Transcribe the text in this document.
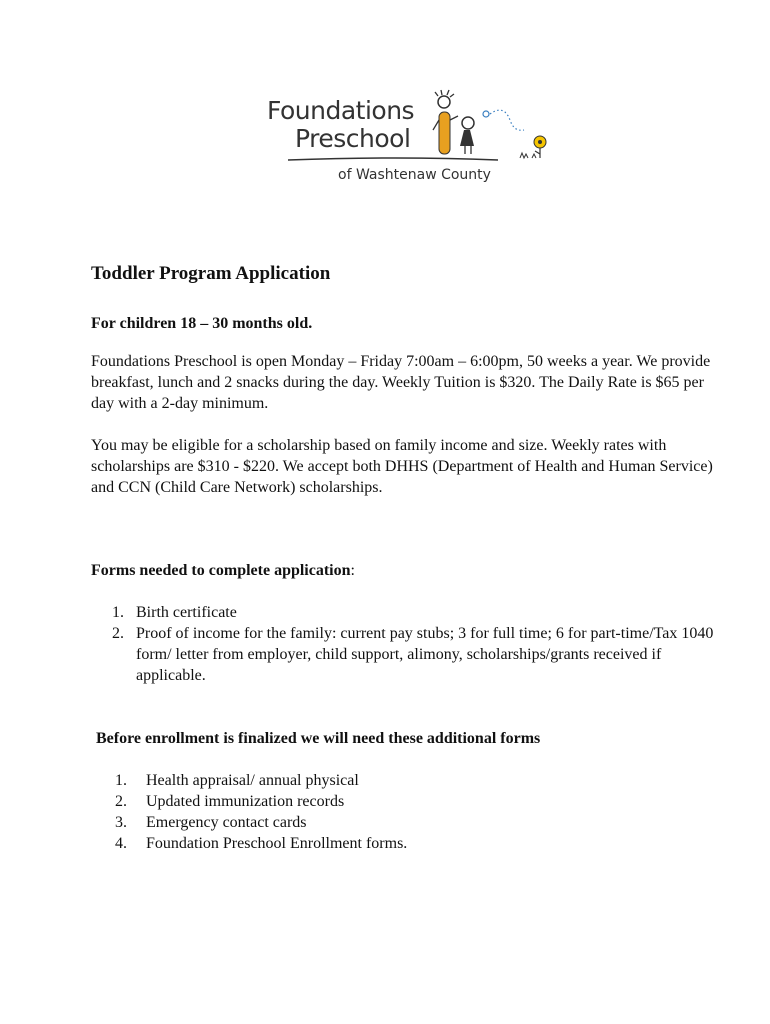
Foundations
Preschool
of Washtenaw County
Toddler Program Application
For children 18 – 30 months old.

Foundations Preschool is open Monday – Friday 7:00am – 6:00pm, 50 weeks a year. We provide breakfast, lunch and 2 snacks during the day. Weekly Tuition is $320. The Daily Rate is $65 per day with a 2-day minimum.

You may be eligible for a scholarship based on family income and size. Weekly rates with scholarships are $310 - $220. We accept both DHHS (Department of Health and Human Service) and CCN (Child Care Network) scholarships.

Forms needed to complete application:
1. Birth certificate
2. Proof of income for the family: current pay stubs; 3 for full time; 6 for part-time/Tax 1040 form/ letter from employer, child support, alimony, scholarships/grants received if applicable.
Before enrollment is finalized we will need these additional forms
1. Health appraisal/ annual physical
2. Updated immunization records
3. Emergency contact cards
4. Foundation Preschool Enrollment forms.
